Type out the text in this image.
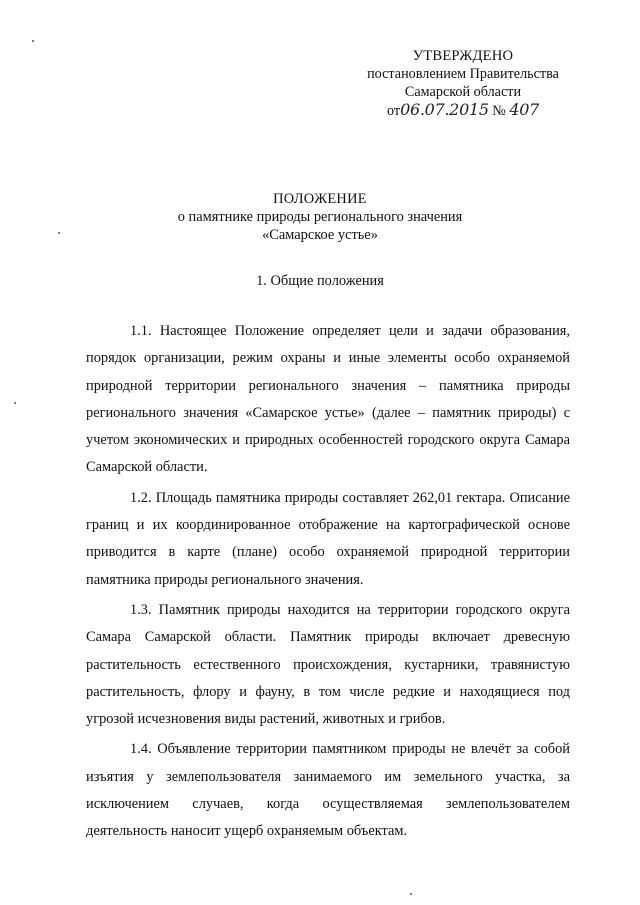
УТВЕРЖДЕНО
постановлением Правительства
Самарской области
от06.07.2015 № 407
ПОЛОЖЕНИЕ
о памятнике природы регионального значения
«Самарское устье»
1. Общие положения

1.1. Настоящее Положение определяет цели и задачи образования, порядок организации, режим охраны и иные элементы особо охраняемой природной территории регионального значения – памятника природы регионального значения «Самарское устье» (далее – памятник природы) с учетом экономических и природных особенностей городского округа Самара Самарской области.

1.2. Площадь памятника природы составляет 262,01 гектара. Описание границ и их координированное отображение на картографической основе приводится в карте (плане) особо охраняемой природной территории памятника природы регионального значения.

1.3. Памятник природы находится на территории городского округа Самара Самарской области. Памятник природы включает древесную растительность естественного происхождения, кустарники, травянистую растительность, флору и фауну, в том числе редкие и находящиеся под угрозой исчезновения виды растений, животных и грибов.

1.4. Объявление территории памятником природы не влечёт за собой изъятия у землепользователя занимаемого им земельного участка, за исключением случаев, когда осуществляемая землепользователем деятельность наносит ущерб охраняемым объектам.
